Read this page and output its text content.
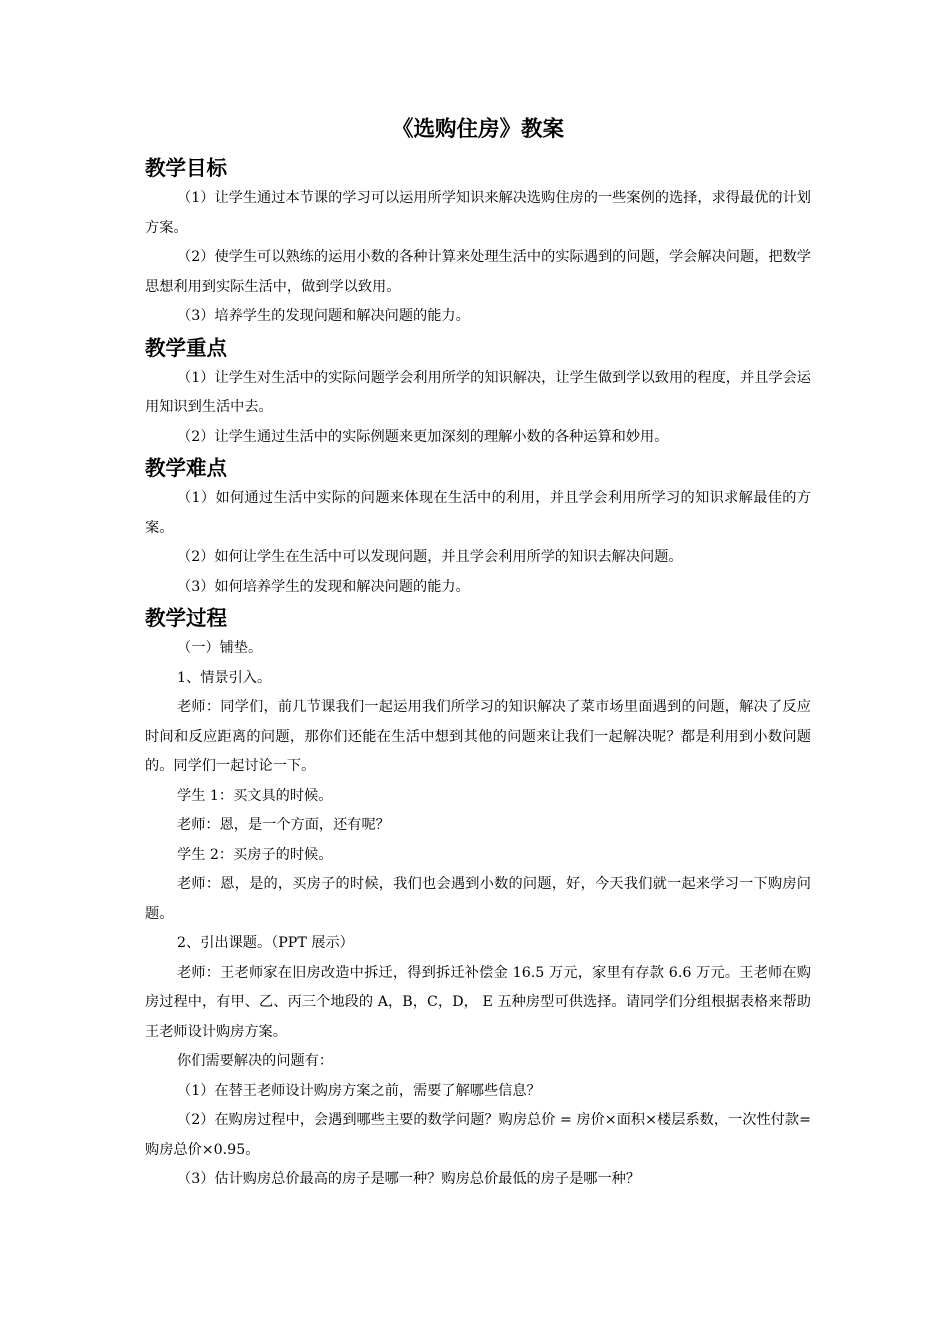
《选购住房》教案
教学目标

（1）让学生通过本节课的学习可以运用所学知识来解决选购住房的一些案例的选择，求得最优的计划方案。

（2）使学生可以熟练的运用小数的各种计算来处理生活中的实际遇到的问题，学会解决问题，把数学思想利用到实际生活中，做到学以致用。

（3）培养学生的发现问题和解决问题的能力。

教学重点

（1）让学生对生活中的实际问题学会利用所学的知识解决，让学生做到学以致用的程度，并且学会运用知识到生活中去。

（2）让学生通过生活中的实际例题来更加深刻的理解小数的各种运算和妙用。

教学难点

（1）如何通过生活中实际的问题来体现在生活中的利用，并且学会利用所学习的知识求解最佳的方案。

（2）如何让学生在生活中可以发现问题，并且学会利用所学的知识去解决问题。

（3）如何培养学生的发现和解决问题的能力。

教学过程

（一）铺垫。

1、情景引入。

老师：同学们，前几节课我们一起运用我们所学习的知识解决了菜市场里面遇到的问题，解决了反应时间和反应距离的问题，那你们还能在生活中想到其他的问题来让我们一起解决呢？都是利用到小数问题的。同学们一起讨论一下。

学生 1：买文具的时候。

老师：恩，是一个方面，还有呢？

学生 2：买房子的时候。

老师：恩，是的，买房子的时候，我们也会遇到小数的问题，好，今天我们就一起来学习一下购房问题。

2、引出课题。（PPT 展示）

老师：王老师家在旧房改造中拆迁，得到拆迁补偿金 16.5 万元，家里有存款 6.6 万元。王老师在购房过程中，有甲、乙、丙三个地段的 A，B，C，D， E 五种房型可供选择。请同学们分组根据表格来帮助王老师设计购房方案。

你们需要解决的问题有：

（1）在替王老师设计购房方案之前，需要了解哪些信息？

（2）在购房过程中，会遇到哪些主要的数学问题？购房总价 = 房价×面积×楼层系数，一次性付款=购房总价×0.95。

（3）估计购房总价最高的房子是哪一种？购房总价最低的房子是哪一种？
